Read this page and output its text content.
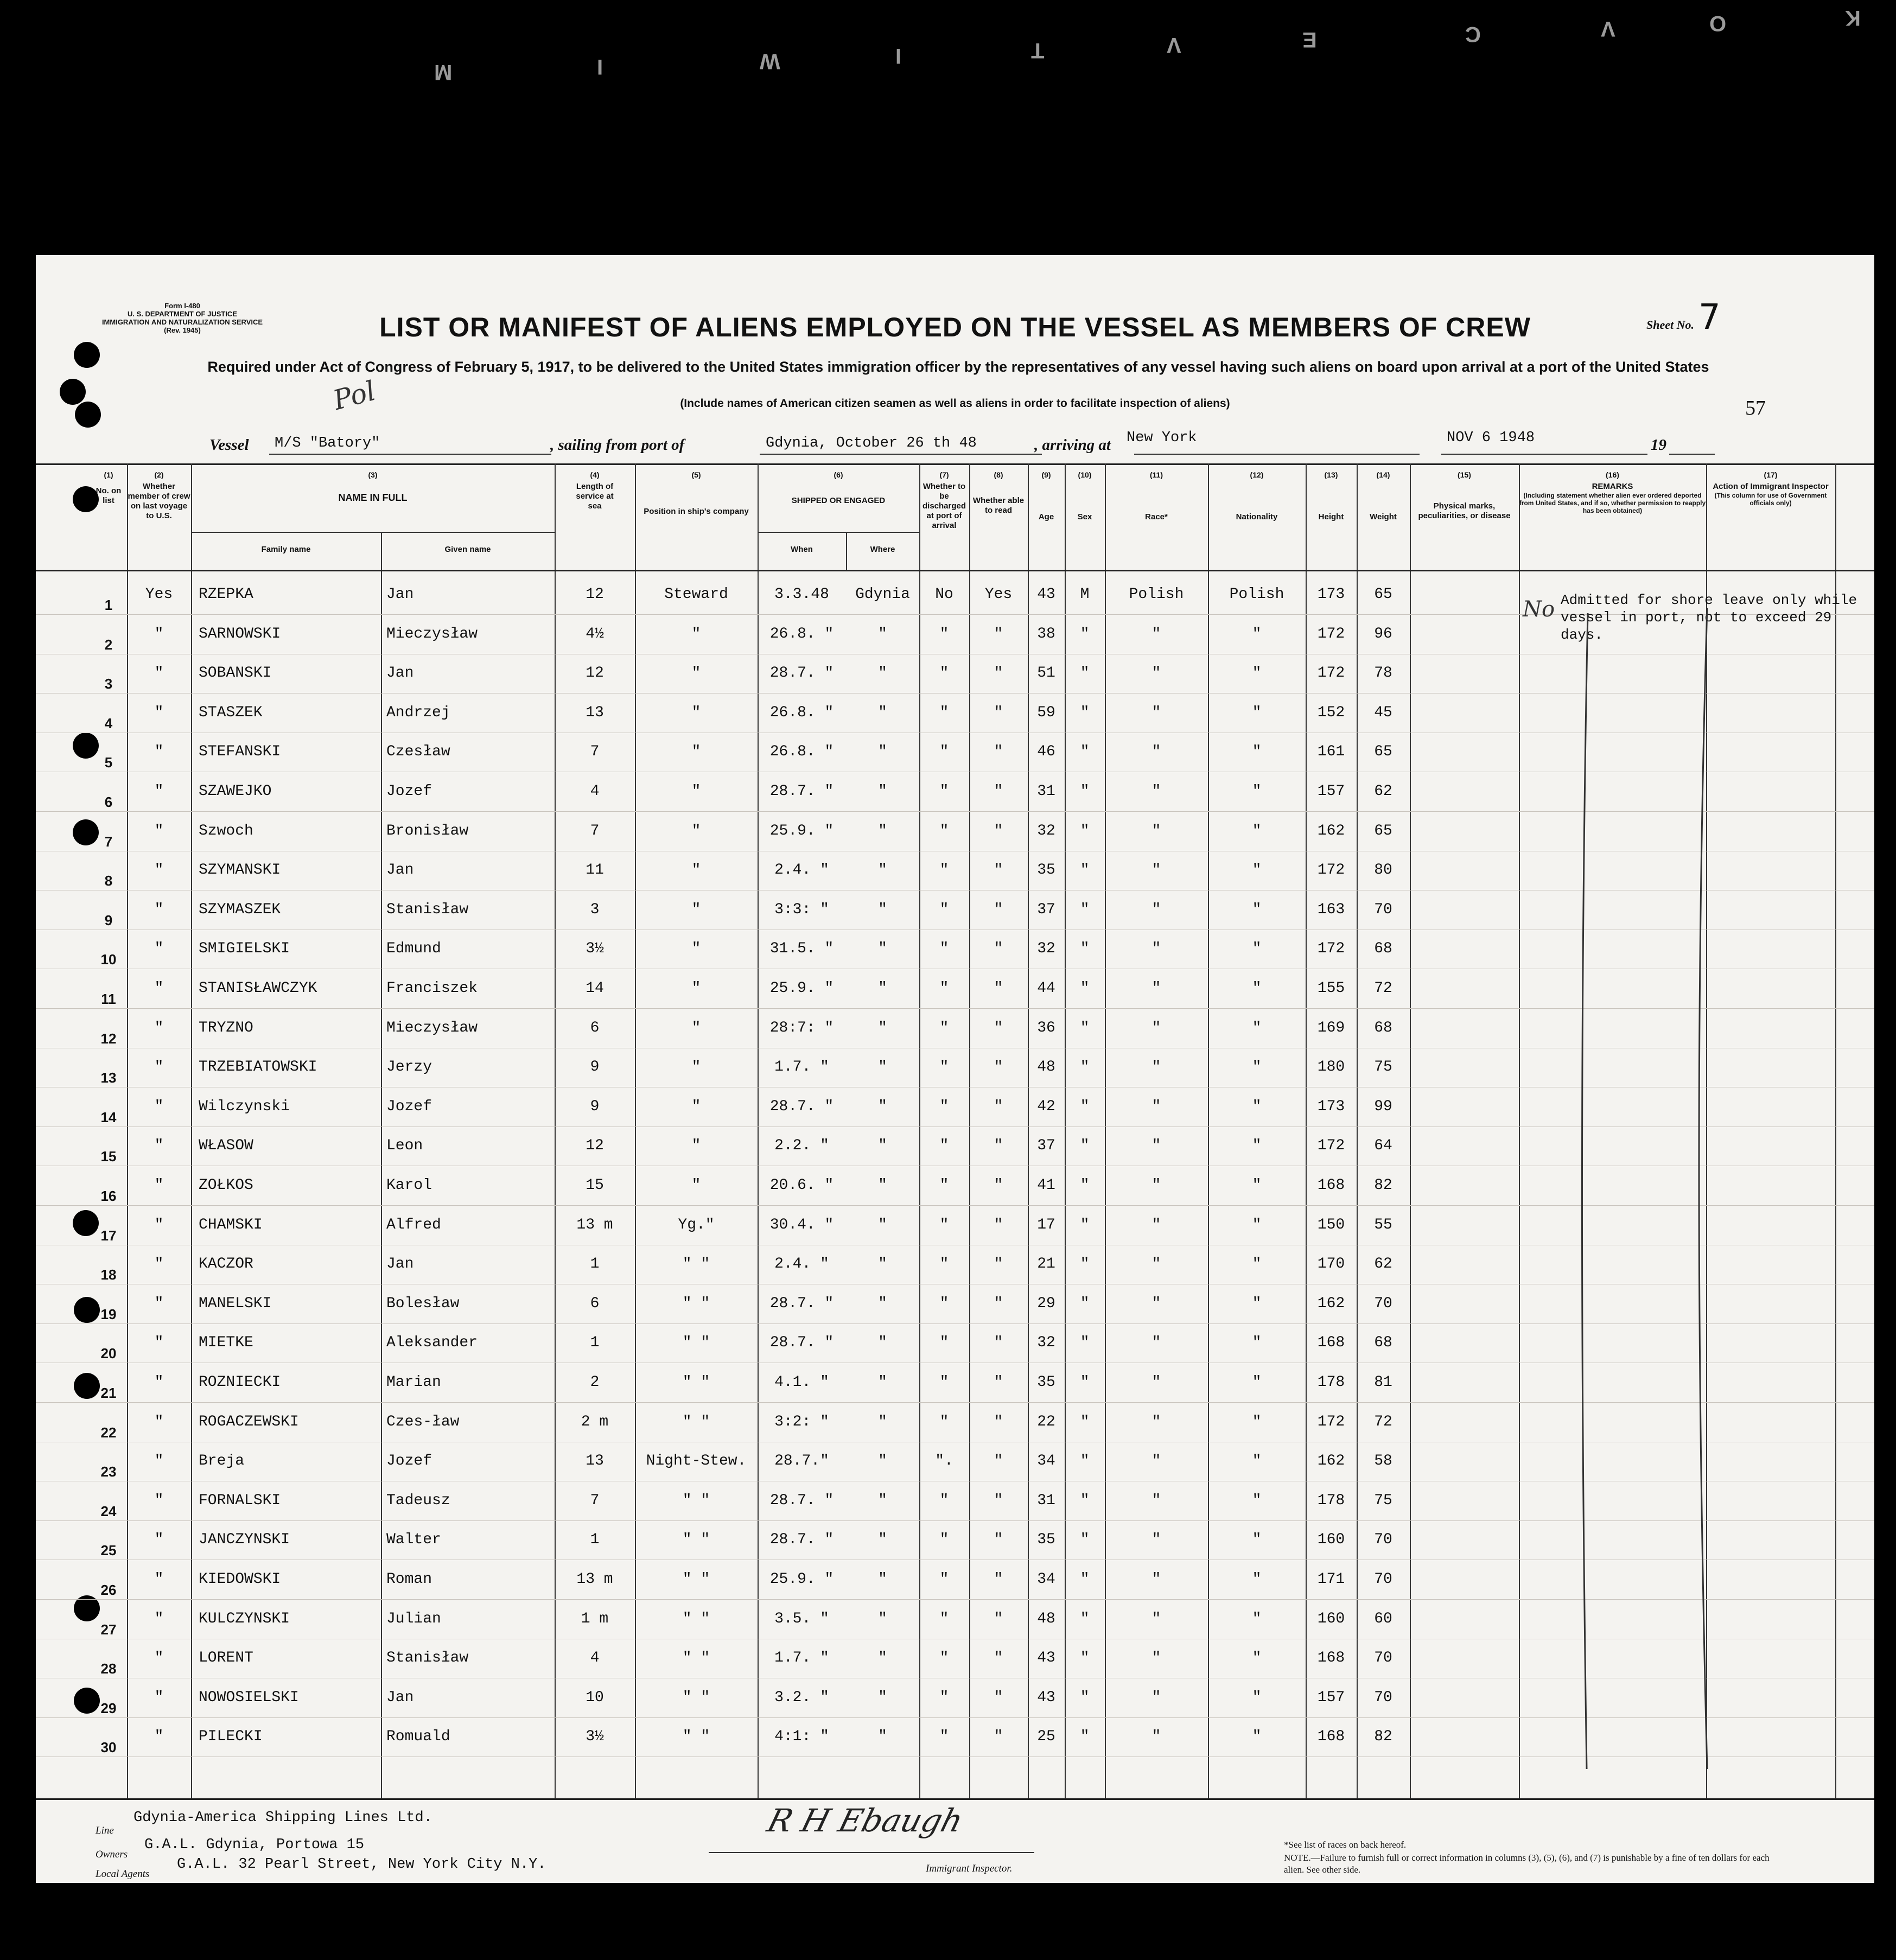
M	I	W	I	T	V	E	C	V	O	K
Form I-480
U. S. DEPARTMENT OF JUSTICE
IMMIGRATION AND NATURALIZATION SERVICE
(Rev. 1945)	Sheet No. 7
LIST OR MANIFEST OF ALIENS EMPLOYED ON THE VESSEL AS MEMBERS OF CREW
Required under Act of Congress of February 5, 1917, to be delivered to the United States immigration officer by the representatives of any vessel having such aliens on board upon arrival at a port of the United States
(Include names of American citizen seamen as well as aliens in order to facilitate inspection of aliens)	57
Pol
Vessel M/S "Batory"	, sailing from port of	Gdynia, October 26 th 48	, arriving at New York	NOV 6 1948	19
(2)
Whether member of crew on last voyage to U.S.
(3)
NAME IN FULL
Family name	Given name
(4)
Length of service at sea
(5)
Position in ship's company
(6)
SHIPPED OR ENGAGED
When	Where
(7)
Whether to be discharged at port of arrival
(8)
Whether able to read
(9)
Age
(10)
Sex
(11)
Race*
(12)
Nationality
(13)
Height
(14)
Weight
(15)
Physical marks, peculiarities, or disease
(16)
REMARKS
(Including statement whether alien ever ordered deported from United States, and if so, whether permission to reapply has been obtained)
(17)
Action of Immigrant Inspector
(This column for use of Government officials only)
(1)
No. on list
1
Yes	RZEPKA	Jan	12	Steward	3.3.48	Gdynia	No	Yes	43	M	Polish	Polish	173	65
2
"	SARNOWSKI	Mieczysław	4½	"	26.8. "	"	"	"	38	"	"	"	172	96
3
"	SOBANSKI	Jan	12	"	28.7. "	"	"	"	51	"	"	"	172	78
4
"	STASZEK	Andrzej	13	"	26.8. "	"	"	"	59	"	"	"	152	45
5
"	STEFANSKI	Czesław	7	"	26.8. "	"	"	"	46	"	"	"	161	65
6
"	SZAWEJKO	Jozef	4	"	28.7. "	"	"	"	31	"	"	"	157	62
7
"	Szwoch	Bronisław	7	"	25.9. "	"	"	"	32	"	"	"	162	65
8
"	SZYMANSKI	Jan	11	"	2.4. "	"	"	"	35	"	"	"	172	80
9
"	SZYMASZEK	Stanisław	3	"	3:3: "	"	"	"	37	"	"	"	163	70
10
"	SMIGIELSKI	Edmund	3½	"	31.5. "	"	"	"	32	"	"	"	172	68
11
"	STANISŁAWCZYK	Franciszek	14	"	25.9. "	"	"	"	44	"	"	"	155	72
12
"	TRYZNO	Mieczysław	6	"	28:7: "	"	"	"	36	"	"	"	169	68
13
"	TRZEBIATOWSKI	Jerzy	9	"	1.7. "	"	"	"	48	"	"	"	180	75
14
"	Wilczynski	Jozef	9	"	28.7. "	"	"	"	42	"	"	"	173	99
15
"	WŁASOW	Leon	12	"	2.2. "	"	"	"	37	"	"	"	172	64
16
"	ZOŁKOS	Karol	15	"	20.6. "	"	"	"	41	"	"	"	168	82
17
"	CHAMSKI	Alfred	13 m	Yg."	30.4. "	"	"	"	17	"	"	"	150	55
18
"	KACZOR	Jan	1	" "	2.4. "	"	"	"	21	"	"	"	170	62
19
"	MANELSKI	Bolesław	6	" "	28.7. "	"	"	"	29	"	"	"	162	70
20
"	MIETKE	Aleksander	1	" "	28.7. "	"	"	"	32	"	"	"	168	68
21
"	ROZNIECKI	Marian	2	" "	4.1. "	"	"	"	35	"	"	"	178	81
22
"	ROGACZEWSKI	Czes-ław	2 m	" "	3:2: "	"	"	"	22	"	"	"	172	72
23
"	Breja	Jozef	13	Night-Stew.	28.7."	"	".	"	34	"	"	"	162	58
24
"	FORNALSKI	Tadeusz	7	" "	28.7. "	"	"	"	31	"	"	"	178	75
25
"	JANCZYNSKI	Walter	1	" "	28.7. "	"	"	"	35	"	"	"	160	70
26
"	KIEDOWSKI	Roman	13 m	" "	25.9. "	"	"	"	34	"	"	"	171	70
27
"	KULCZYNSKI	Julian	1 m	" "	3.5. "	"	"	"	48	"	"	"	160	60
28
"	LORENT	Stanisław	4	" "	1.7. "	"	"	"	43	"	"	"	168	70
29
"	NOWOSIELSKI	Jan	10	" "	3.2. "	"	"	"	43	"	"	"	157	70
30
"	PILECKI	Romuald	3½	" "	4:1: "	"	"	"	25	"	"	"	168	82
Admitted for shore leave only while vessel in port, not to exceed 29 days.
No
Line
Gdynia-America Shipping Lines Ltd.
Owners
G.A.L. Gdynia, Portowa 15
Local Agents
G.A.L. 32 Pearl Street, New York City N.Y.
R H Ebaugh
Immigrant Inspector.
*See list of races on back hereof.
NOTE.—Failure to furnish full or correct information in columns (3), (5), (6), and (7) is punishable by a fine of ten dollars for each alien. See other side.
